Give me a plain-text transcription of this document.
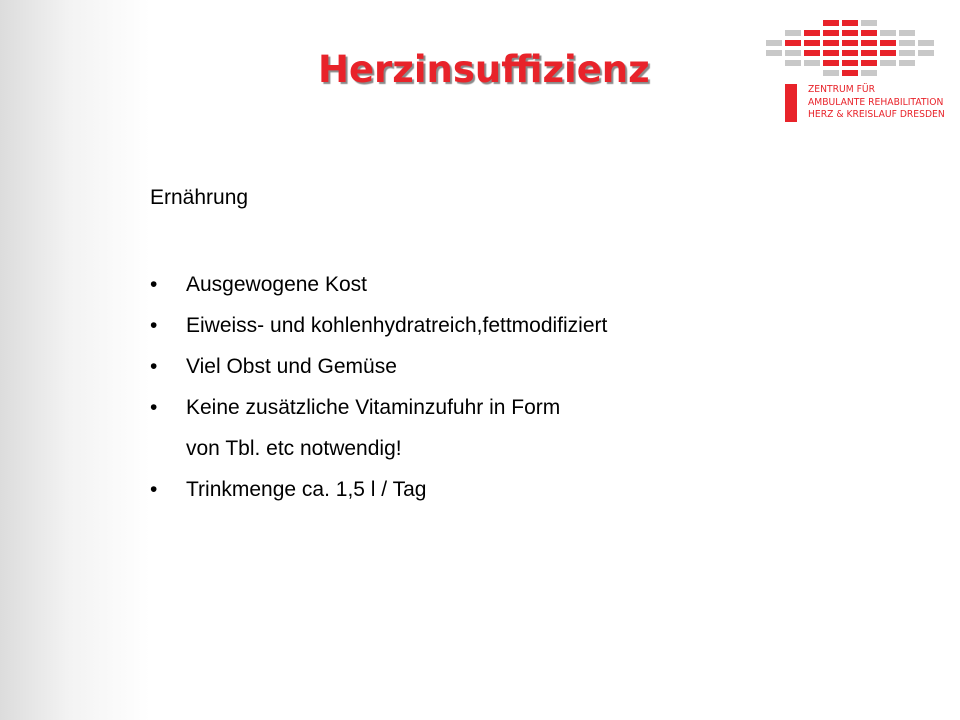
Herzinsuffizienz	ZENTRUM FÜR
AMBULANTE REHABILITATION
HERZ & KREISLAUF DRESDEN
Ernährung
• Ausgewogene Kost
• Eiweiss- und kohlenhydratreich,fettmodifiziert
• Viel Obst und Gemüse
• Keine zusätzliche Vitaminzufuhr in Form
von Tbl. etc notwendig!
• Trinkmenge ca. 1,5 l / Tag
